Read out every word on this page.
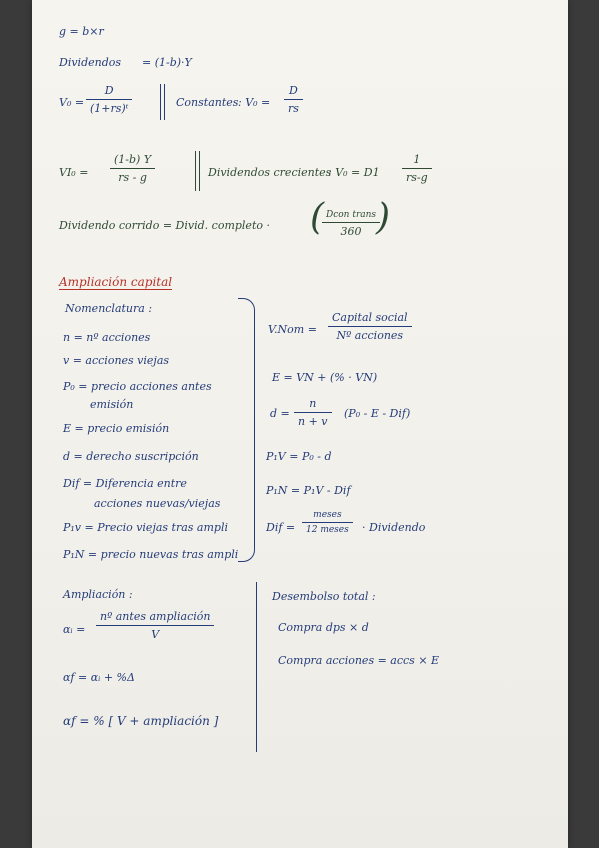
g = b×r
Dividendos = (1-b)·Y
$V_0 = \frac{D}{\text{(1+rs)ᵗ}}$	Constantes : $V_0 = \frac{D}{rs}$
$VI_0 = \frac{(1-b) Y}{rs - g}$	Dividendos crecientes
: $V_0 = D1 \frac{1}{rs-g}$
Dividendo corrido = Divid. completo · ( Dcon trans
360 )
Ampliación capital
Nomenclatura :
n = nº acciones
v = acciones viejas
P₀ = precio acciones antes
emisión
E = precio emisión
d = derecho suscripción
Dif = Diferencia entre
acciones nuevas/viejas
P₁v = Precio viejas tras ampli
P₁N = precio nuevas tras ampli
V.Nom =
Capital social
Nº acciones
E = VN + (% · VN)
$d = \frac{n}{n + v} (P_0 - E - Dif)$
P₁V = P₀ - d
P₁N = P₁V - Dif
Dif =
meses
12 meses	· Dividendo
Ampliación :
αᵢ =
nº antes ampliación
V
αf = αᵢ + %Δ
αf = % [ V + ampliación ]
Desembolso total :
Compra dps × d
Compra acciones = accs × E
